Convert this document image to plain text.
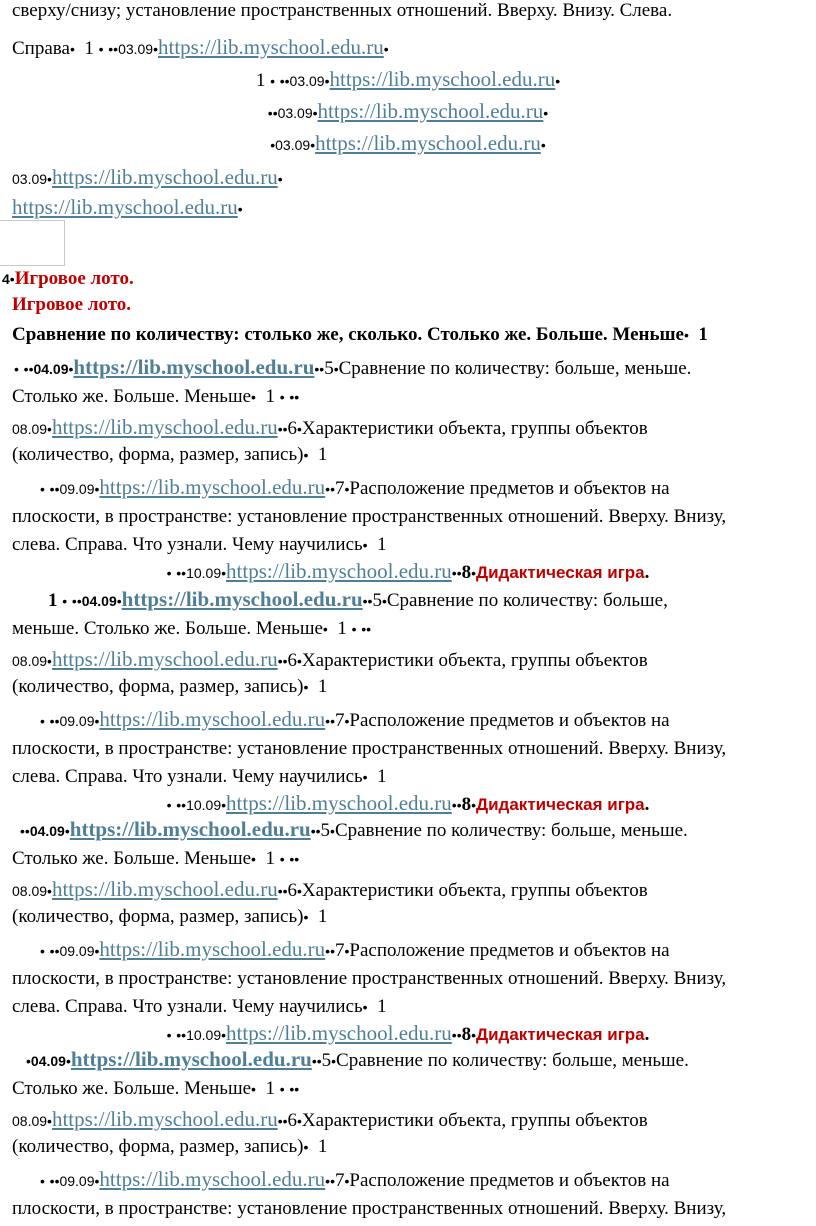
сверху/снизу; установление пространственных отношений. Вверху. Внизу. Слева.
Справа• 1 • ••03.09•https://lib.myschool.edu.ru•
1 • ••03.09•https://lib.myschool.edu.ru•
••03.09•https://lib.myschool.edu.ru•
•03.09•https://lib.myschool.edu.ru•
03.09•https://lib.myschool.edu.ru•
https://lib.myschool.edu.ru•
4•Игровое лото.
Игровое лото.
Сравнение по количеству: столько же, сколько. Столько же. Больше. Меньше• 1
• ••04.09•https://lib.myschool.edu.ru••5•Сравнение по количеству: больше, меньше.
Столько же. Больше. Меньше• 1 • ••
08.09•https://lib.myschool.edu.ru••6•Характеристики объекта, группы объектов
(количество, форма, размер, запись)• 1
• ••09.09•https://lib.myschool.edu.ru••7•Расположение предметов и объектов на
плоскости, в пространстве: установление пространственных отношений. Вверху. Внизу,
слева. Справа. Что узнали. Чему научились• 1
• ••10.09•https://lib.myschool.edu.ru••8•Дидактическая игра.
1 • ••04.09•https://lib.myschool.edu.ru••5•Сравнение по количеству: больше,
меньше. Столько же. Больше. Меньше• 1 • ••
08.09•https://lib.myschool.edu.ru••6•Характеристики объекта, группы объектов
(количество, форма, размер, запись)• 1
• ••09.09•https://lib.myschool.edu.ru••7•Расположение предметов и объектов на
плоскости, в пространстве: установление пространственных отношений. Вверху. Внизу,
слева. Справа. Что узнали. Чему научились• 1
• ••10.09•https://lib.myschool.edu.ru••8•Дидактическая игра.
••04.09•https://lib.myschool.edu.ru••5•Сравнение по количеству: больше, меньше.
Столько же. Больше. Меньше• 1 • ••
08.09•https://lib.myschool.edu.ru••6•Характеристики объекта, группы объектов
(количество, форма, размер, запись)• 1
• ••09.09•https://lib.myschool.edu.ru••7•Расположение предметов и объектов на
плоскости, в пространстве: установление пространственных отношений. Вверху. Внизу,
слева. Справа. Что узнали. Чему научились• 1
• ••10.09•https://lib.myschool.edu.ru••8•Дидактическая игра.
•04.09•https://lib.myschool.edu.ru••5•Сравнение по количеству: больше, меньше.
Столько же. Больше. Меньше• 1 • ••
08.09•https://lib.myschool.edu.ru••6•Характеристики объекта, группы объектов
(количество, форма, размер, запись)• 1
• ••09.09•https://lib.myschool.edu.ru••7•Расположение предметов и объектов на
плоскости, в пространстве: установление пространственных отношений. Вверху. Внизу,
